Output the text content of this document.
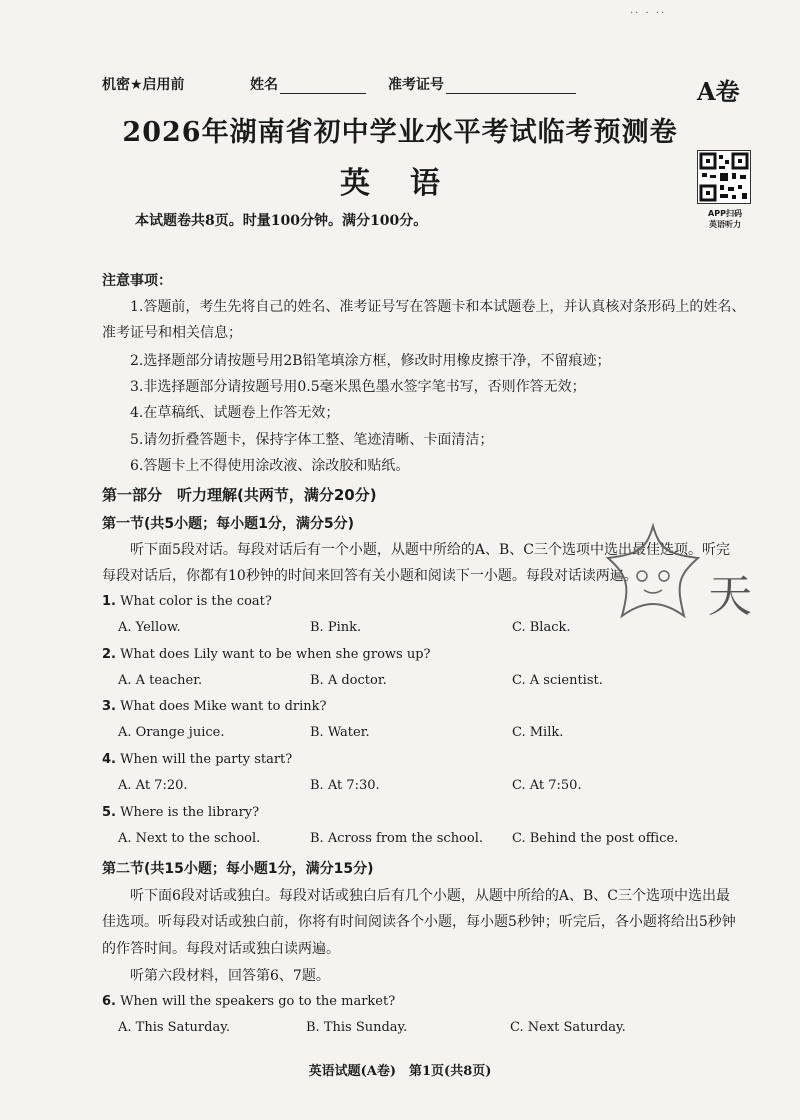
·· · ··
机密★启用前	姓名	准考证号	A卷
2026年湖南省初中学业水平考试临考预测卷
英语
APP扫码
英语听力
本试题卷共8页。时量100分钟。满分100分。
注意事项：
1.答题前，考生先将自己的姓名、准考证号写在答题卡和本试题卷上，并认真核对条形码上的姓名、
准考证号和相关信息；
2.选择题部分请按题号用2B铅笔填涂方框，修改时用橡皮擦干净，不留痕迹；
3.非选择题部分请按题号用0.5毫米黑色墨水签字笔书写，否则作答无效；
4.在草稿纸、试题卷上作答无效；
5.请勿折叠答题卡，保持字体工整、笔迹清晰、卡面清洁；
6.答题卡上不得使用涂改液、涂改胶和贴纸。
第一部分　听力理解(共两节，满分20分)
第一节(共5小题；每小题1分，满分5分)
听下面5段对话。每段对话后有一个小题，从题中所给的A、B、C三个选项中选出最佳选项。听完
每段对话后，你都有10秒钟的时间来回答有关小题和阅读下一小题。每段对话读两遍。
1. What color is the coat?
A. Yellow.	B. Pink.	C. Black.
2. What does Lily want to be when she grows up?
A. A teacher.	B. A doctor.	C. A scientist.
3. What does Mike want to drink?
A. Orange juice.	B. Water.	C. Milk.
4. When will the party start?
A. At 7:20.	B. At 7:30.	C. At 7:50.
5. Where is the library?
A. Next to the school.	B. Across from the school. C. Behind the post office.
第二节(共15小题；每小题1分，满分15分)
听下面6段对话或独白。每段对话或独白后有几个小题，从题中所给的A、B、C三个选项中选出最
佳选项。听每段对话或独白前，你将有时间阅读各个小题，每小题5秒钟；听完后，各小题将给出5秒钟
的作答时间。每段对话或独白读两遍。
听第六段材料，回答第6、7题。
6. When will the speakers go to the market?
A. This Saturday.	B. This Sunday.	C. Next Saturday.
天
英语试题(A卷)　第1页(共8页)
